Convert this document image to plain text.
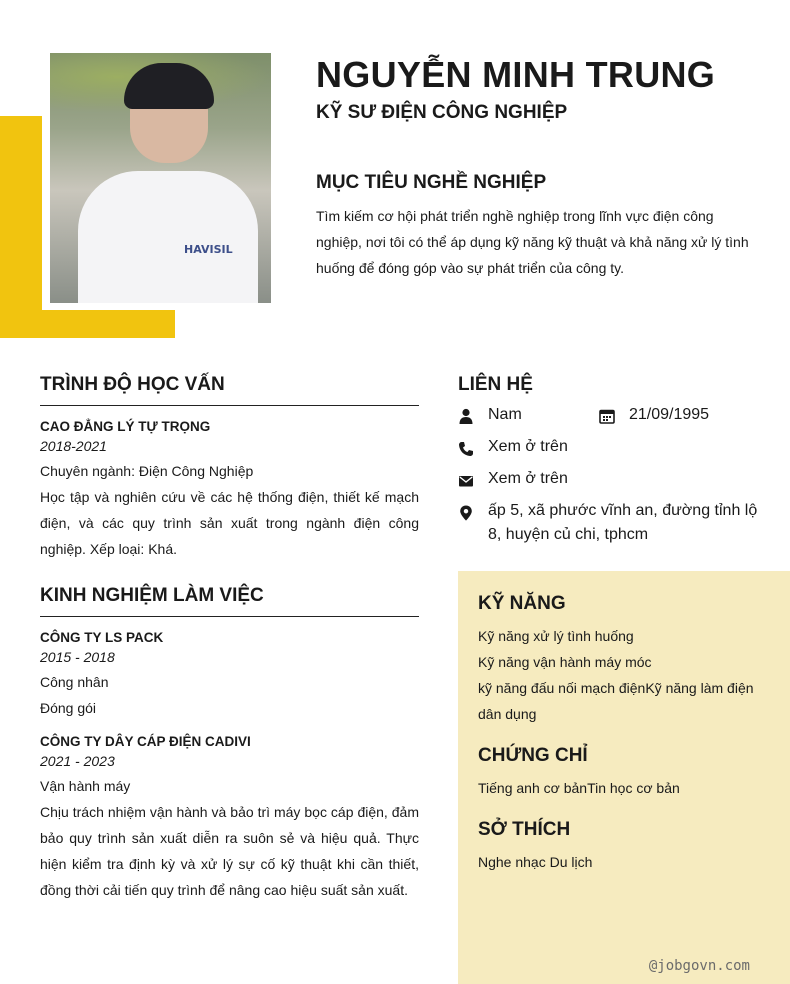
HAVISIL
NGUYỄN MINH TRUNG
KỸ SƯ ĐIỆN CÔNG NGHIỆP
MỤC TIÊU NGHỀ NGHIỆP
Tìm kiếm cơ hội phát triển nghề nghiệp trong lĩnh vực điện công nghiệp, nơi tôi có thể áp dụng kỹ năng kỹ thuật và khả năng xử lý tình huống để đóng góp vào sự phát triển của công ty.
TRÌNH ĐỘ HỌC VẤN
CAO ĐẲNG LÝ TỰ TRỌNG
2018-2021
Chuyên ngành: Điện Công Nghiệp
Học tập và nghiên cứu về các hệ thống điện, thiết kế mạch điện, và các quy trình sản xuất trong ngành điện công nghiệp. Xếp loại: Khá.
KINH NGHIỆM LÀM VIỆC
CÔNG TY LS PACK
2015 - 2018
Công nhân
Đóng gói
CÔNG TY DÂY CÁP ĐIỆN CADIVI
2021 - 2023
Vận hành máy
Chịu trách nhiệm vận hành và bảo trì máy bọc cáp điện, đảm bảo quy trình sản xuất diễn ra suôn sẻ và hiệu quả. Thực hiện kiểm tra định kỳ và xử lý sự cố kỹ thuật khi cần thiết, đồng thời cải tiến quy trình để nâng cao hiệu suất sản xuất.
LIÊN HỆ
Nam	21/09/1995
Xem ở trên
Xem ở trên
ấp 5, xã phước vĩnh an, đường tỉnh lộ 8, huyện củ chi, tphcm
KỸ NĂNG
Kỹ năng xử lý tình huống
Kỹ năng vận hành máy móc
kỹ năng đấu nối mạch điệnKỹ năng làm điện dân dụng
CHỨNG CHỈ
Tiếng anh cơ bảnTin học cơ bản
SỞ THÍCH
Nghe nhạc Du lịch
@jobgovn.com
